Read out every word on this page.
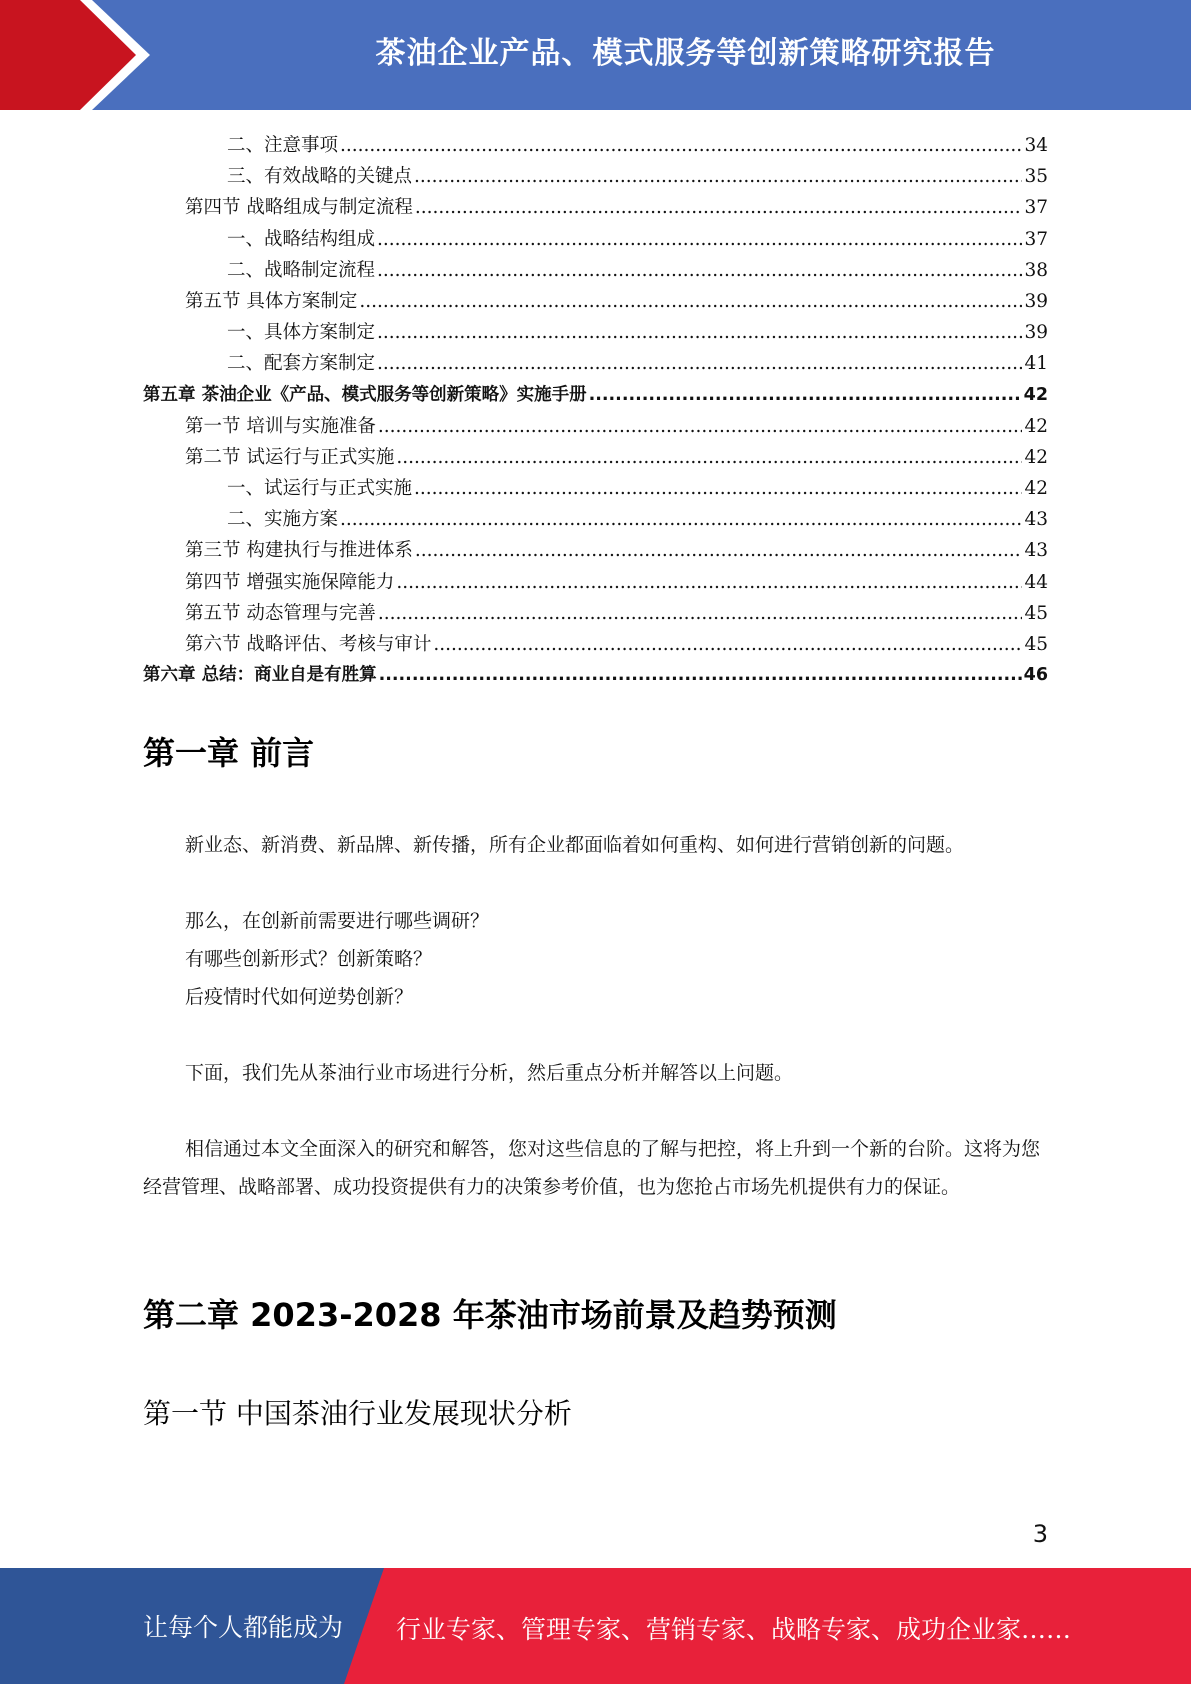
茶油企业产品、模式服务等创新策略研究报告
二、注意事项 .....	34
三、有效战略的关键点 .....	35
第四节 战略组成与制定流程 .....	37
一、战略结构组成 .....	37
二、战略制定流程 .....	38
第五节 具体方案制定 .....	39
一、具体方案制定 .....	39
二、配套方案制定 .....	41
第五章 茶油企业《产品、模式服务等创新策略》实施手册 .....	42
第一节 培训与实施准备 .....	42
第二节 试运行与正式实施 .....	42
一、试运行与正式实施 .....	42
二、实施方案 .....	43
第三节 构建执行与推进体系 .....	43
第四节 增强实施保障能力 .....	44
第五节 动态管理与完善 .....	45
第六节 战略评估、考核与审计 .....	45
第六章 总结：商业自是有胜算 .....	46
第一章 前言
新业态、新消费、新品牌、新传播，所有企业都面临着如何重构、如何进行营销创新的问题。
那么，在创新前需要进行哪些调研？
有哪些创新形式？创新策略？
后疫情时代如何逆势创新？
下面，我们先从茶油行业市场进行分析，然后重点分析并解答以上问题。
相信通过本文全面深入的研究和解答，您对这些信息的了解与把控，将上升到一个新的台阶。这将为您经营管理、战略部署、成功投资提供有力的决策参考价值，也为您抢占市场先机提供有力的保证。
第二章 2023-2028 年茶油市场前景及趋势预测
第一节 中国茶油行业发展现状分析
3
让每个人都能成为 行业专家、管理专家、营销专家、战略专家、成功企业家……
